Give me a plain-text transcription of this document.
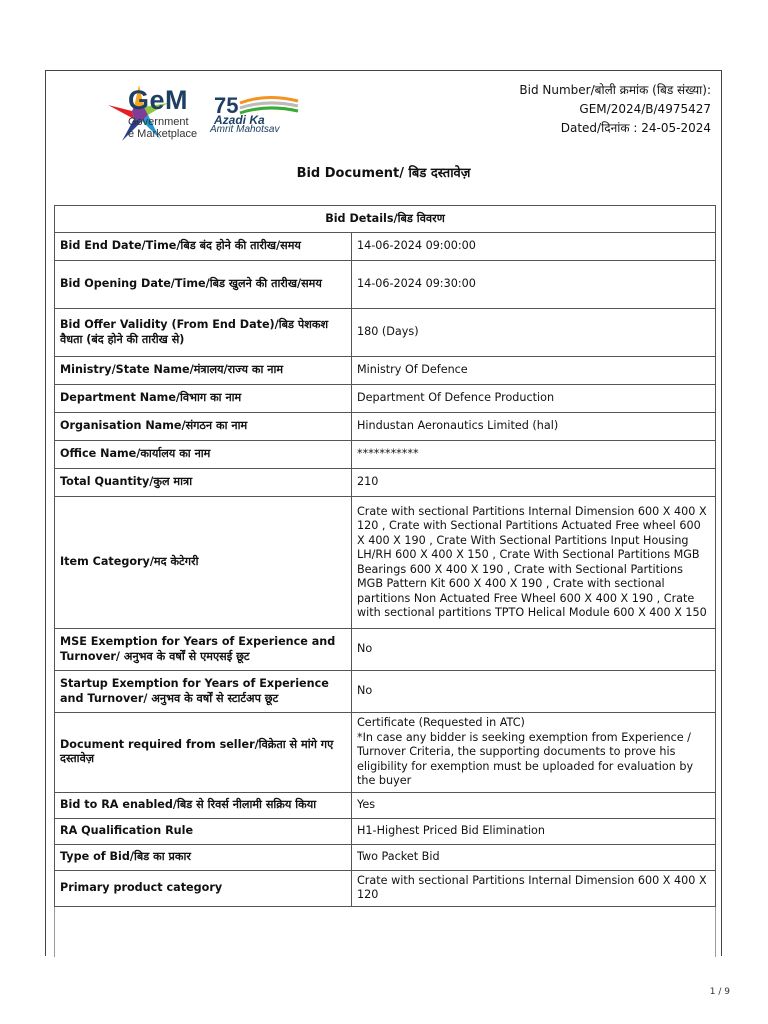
GeM
Government
e Marketplace
75
Azadi Ka
Amrit Mahotsav
Bid Number/बोली क्रमांक (बिड संख्या):
GEM/2024/B/4975427
Dated/दिनांक : 24-05-2024
Bid Document/ बिड दस्तावेज़
Bid Details/बिड विवरण	
Bid End Date/Time/बिड बंद होने की तारीख/समय	14-06-2024 09:00:00
Bid Opening Date/Time/बिड खुलने की तारीख/समय	14-06-2024 09:30:00
Bid Offer Validity (From End Date)/बिड पेशकश वैधता (बंद होने की तारीख से)	180 (Days)
Ministry/State Name/मंत्रालय/राज्य का नाम	Ministry Of Defence
Department Name/विभाग का नाम	Department Of Defence Production
Organisation Name/संगठन का नाम	Hindustan Aeronautics Limited (hal)
Office Name/कार्यालय का नाम	***********
Total Quantity/कुल मात्रा	210
Item Category/मद केटेगरी	Crate with sectional Partitions Internal Dimension 600 X 400 X 120 , Crate with Sectional Partitions Actuated Free wheel 600 X 400 X 190 , Crate With Sectional Partitions Input Housing LH/RH 600 X 400 X 150 , Crate With Sectional Partitions MGB Bearings 600 X 400 X 190 , Crate with Sectional Partitions MGB Pattern Kit 600 X 400 X 190 , Crate with sectional partitions Non Actuated Free Wheel 600 X 400 X 190 , Crate with sectional partitions TPTO Helical Module 600 X 400 X 150
MSE Exemption for Years of Experience and Turnover/ अनुभव के वर्षों से एमएसई छूट	No
Startup Exemption for Years of Experience and Turnover/ अनुभव के वर्षों से स्टार्टअप छूट	No
Document required from seller/विक्रेता से मांगे गए दस्तावेज़	Certificate (Requested in ATC)
*In case any bidder is seeking exemption from Experience / Turnover Criteria, the supporting documents to prove his eligibility for exemption must be uploaded for evaluation by the buyer
Bid to RA enabled/बिड से रिवर्स नीलामी सक्रिय किया	Yes
RA Qualification Rule	H1-Highest Priced Bid Elimination
Type of Bid/बिड का प्रकार	Two Packet Bid
Primary product category	Crate with sectional Partitions Internal Dimension 600 X 400 X 120
1 / 9
